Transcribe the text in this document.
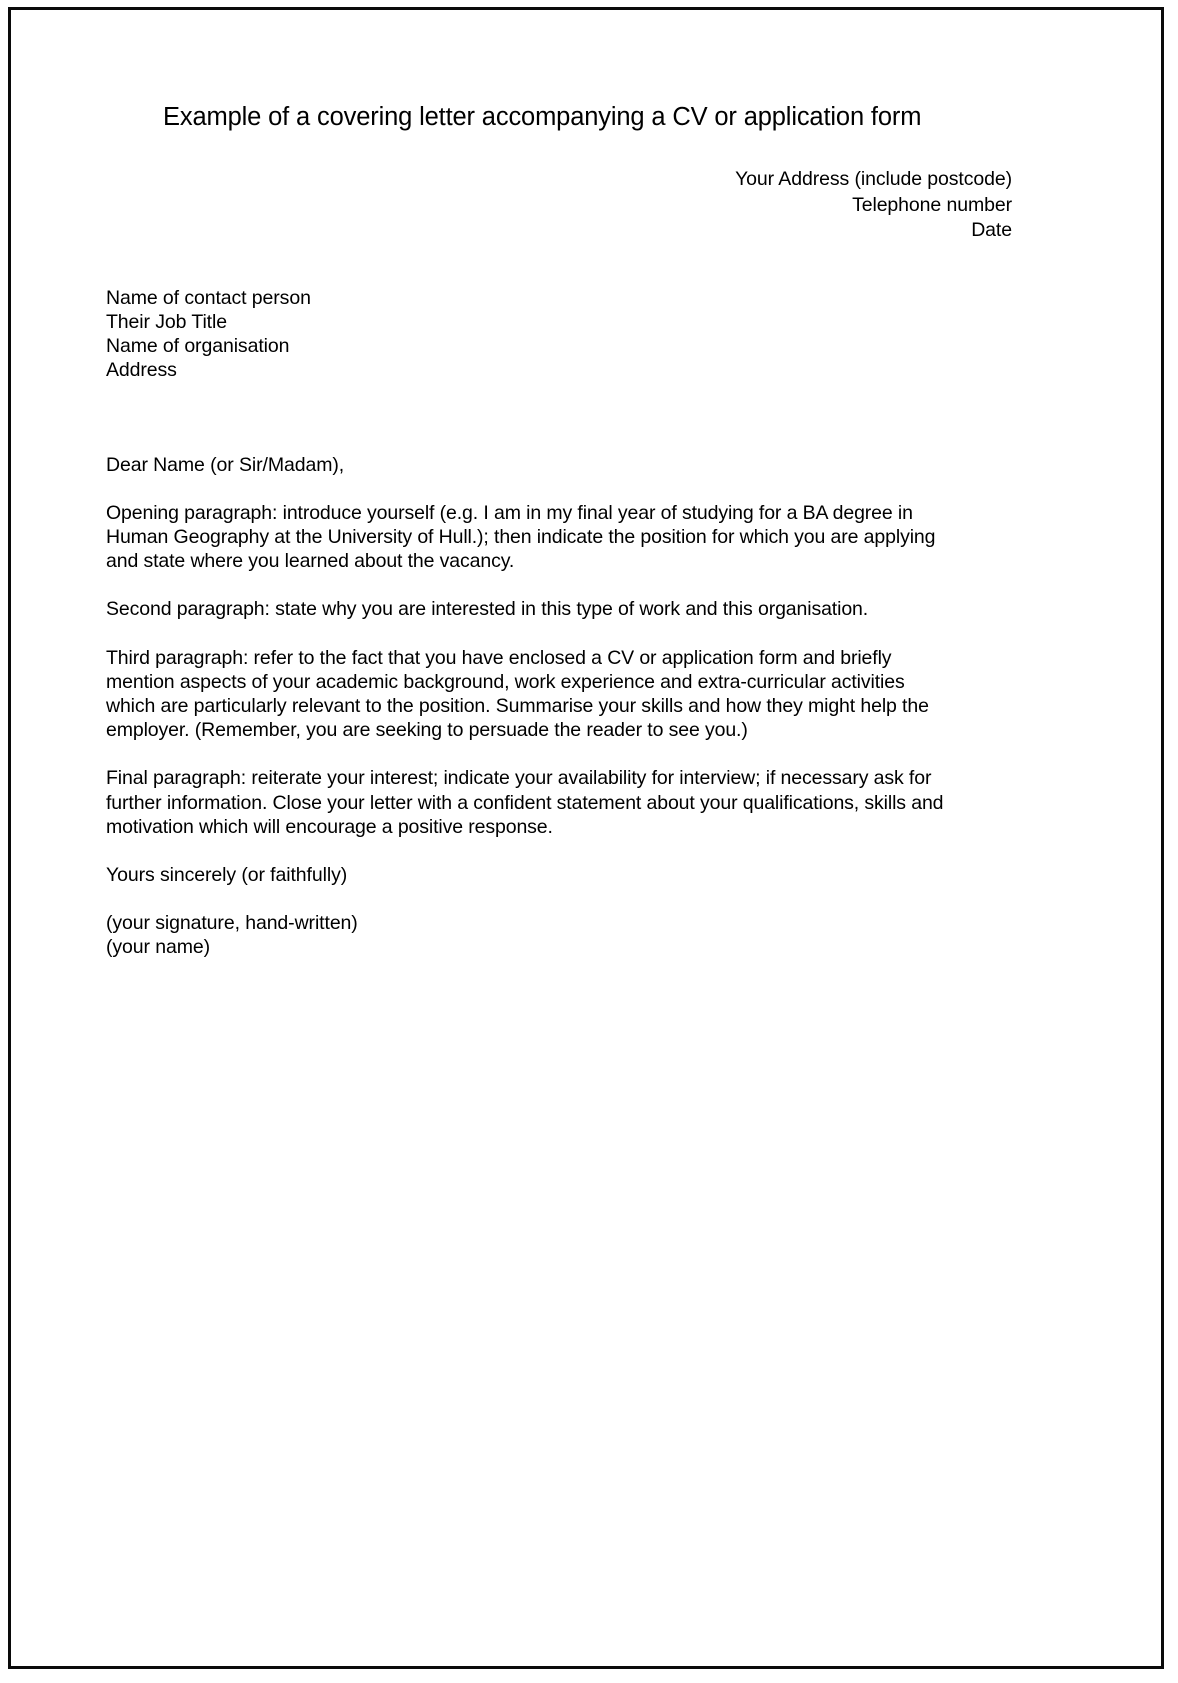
Example of a covering letter accompanying a CV or application form
Your Address (include postcode)
Telephone number
Date
Name of contact person
Their Job Title
Name of organisation
Address
Dear Name (or Sir/Madam),
Opening paragraph: introduce yourself (e.g. I am in my final year of studying for a BA degree in
Human Geography at the University of Hull.); then indicate the position for which you are applying
and state where you learned about the vacancy.
Second paragraph: state why you are interested in this type of work and this organisation.
Third paragraph: refer to the fact that you have enclosed a CV or application form and briefly
mention aspects of your academic background, work experience and extra-curricular activities
which are particularly relevant to the position. Summarise your skills and how they might help the
employer. (Remember, you are seeking to persuade the reader to see you.)
Final paragraph: reiterate your interest; indicate your availability for interview; if necessary ask for
further information. Close your letter with a confident statement about your qualifications, skills and
motivation which will encourage a positive response.
Yours sincerely (or faithfully)
(your signature, hand-written)
(your name)
